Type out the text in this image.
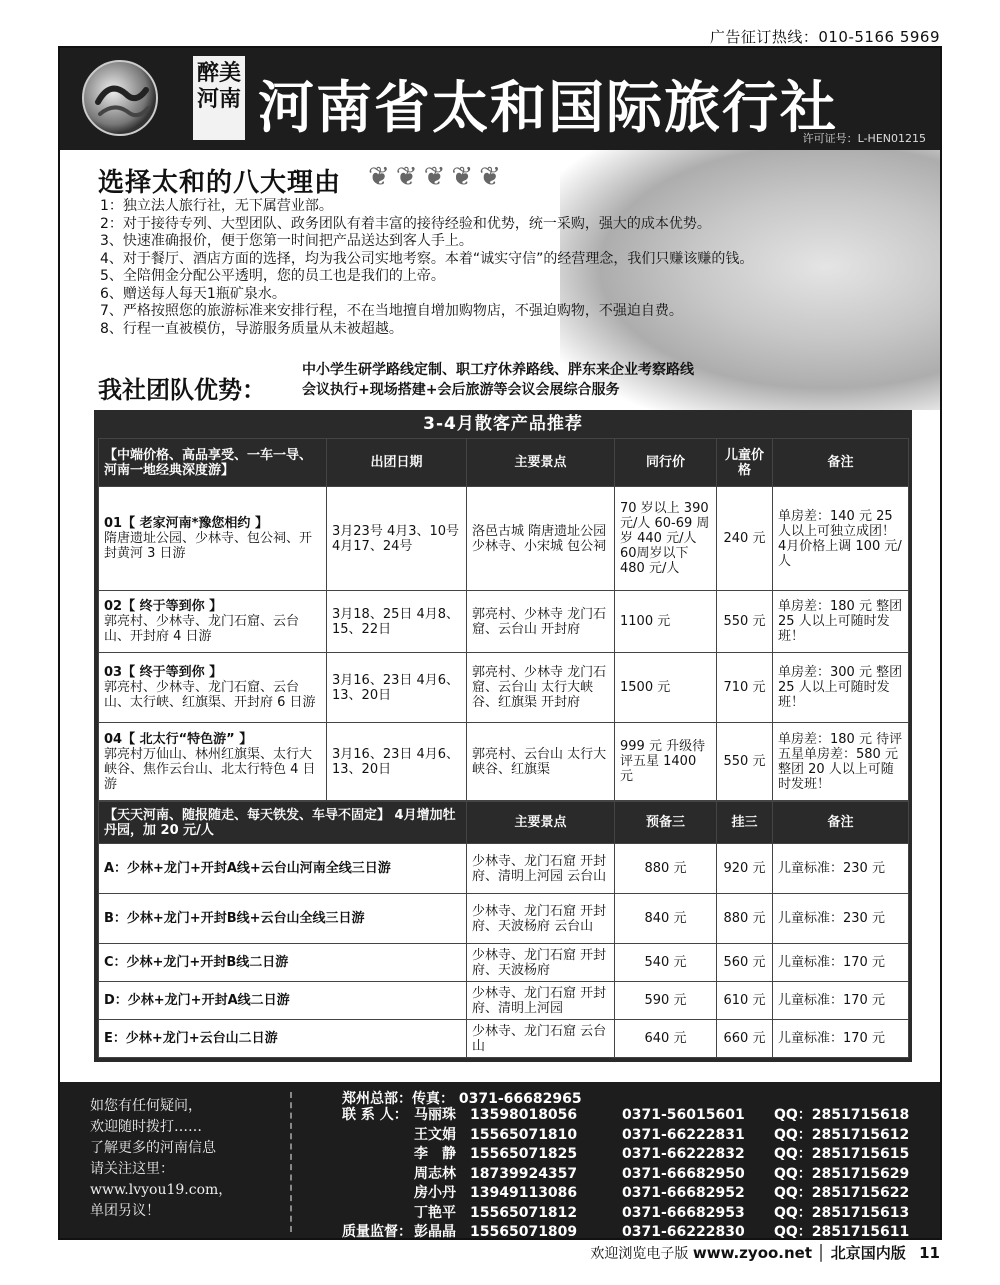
广告征订热线：010-5166 5969
醉美
河南 河南省太和国际旅行社
许可证号：L-HEN01215
选择太和的八大理由 ❦❦❦❦❦
1：独立法人旅行社，无下属营业部。
2：对于接待专列、大型团队、政务团队有着丰富的接待经验和优势，统一采购，强大的成本优势。
3、快速准确报价，便于您第一时间把产品送达到客人手上。
4、对于餐厅、酒店方面的选择，均为我公司实地考察。本着“诚实守信”的经营理念，我们只赚该赚的钱。
5、全陪佣金分配公平透明，您的员工也是我们的上帝。
6、赠送每人每天1瓶矿泉水。
7、严格按照您的旅游标准来安排行程，不在当地擅自增加购物店，不强迫购物，不强迫自费。
8、行程一直被模仿，导游服务质量从未被超越。
我社团队优势：
中小学生研学路线定制、职工疗休养路线、胖东来企业考察路线
会议执行+现场搭建+会后旅游等会议会展综合服务
3-4月散客产品推荐
【中端价格、高品享受、一车一导、河南一地经典深度游】	出团日期	主要景点	同行价	儿童价格	备注

01【 老家河南*豫您相约 】
隋唐遗址公园、少林寺、包公祠、开封黄河 3 日游	3月23号 4月3、10号 4月17、24号	洛邑古城 隋唐遗址公园 少林寺、小宋城 包公祠	70 岁以上 390 元/人 60-69 周岁 440 元/人 60周岁以下 480 元/人	240 元	单房差：140 元 25 人以上可独立成团！ 4月价格上调 100 元/人

02【 终于等到你 】
郭亮村、少林寺、龙门石窟、云台山、开封府 4 日游	3月18、25日 4月8、15、22日	郭亮村、少林寺 龙门石窟、云台山 开封府	1100 元	550 元	单房差：180 元 整团 25 人以上可随时发班！

03【 终于等到你 】
郭亮村、少林寺、龙门石窟、云台山、太行峡、红旗渠、开封府 6 日游	3月16、23日 4月6、13、20日	郭亮村、少林寺 龙门石窟、云台山 太行大峡谷、红旗渠 开封府	1500 元	710 元	单房差：300 元 整团 25 人以上可随时发班！

04【 北太行“特色游” 】
郭亮村万仙山、林州红旗渠、太行大峡谷、焦作云台山、北太行特色 4 日游	3月16、23日 4月6、13、20日	郭亮村、云台山 太行大峡谷、红旗渠	999 元 升级待评五星 1400 元	550 元	单房差：180 元 待评五星单房差：580 元 整团 20 人以上可随时发班！
【天天河南、随报随走、每天铁发、车导不固定】 4月增加牡丹园，加 20 元/人	主要景点	预备三	挂三	备注
A：少林+龙门+开封A线+云台山河南全线三日游	少林寺、龙门石窟 开封府、清明上河园 云台山	880 元	920 元	儿童标准：230 元
B：少林+龙门+开封B线+云台山全线三日游	少林寺、龙门石窟 开封府、天波杨府 云台山	840 元	880 元	儿童标准：230 元
C：少林+龙门+开封B线二日游	少林寺、龙门石窟 开封府、天波杨府	540 元	560 元	儿童标准：170 元
D：少林+龙门+开封A线二日游	少林寺、龙门石窟 开封府、清明上河园	590 元	610 元	儿童标准：170 元
E：少林+龙门+云台山二日游	少林寺、龙门石窟 云台山	640 元	660 元	儿童标准：170 元
如您有任何疑问，
欢迎随时拨打……
了解更多的河南信息
请关注这里：
www.lvyou19.com，
单团另议！
郑州总部：传真： 0371-66682965
联 系 人： 马丽珠	13598018056	0371-56015601	QQ：2851715618
王文娟	15565071810	0371-66222831	QQ：2851715612
李　静	15565071825	0371-66222832	QQ：2851715615
周志林	18739924357	0371-66682950	QQ：2851715629
房小丹	13949113086	0371-66682952	QQ：2851715622
丁艳平	15565071812	0371-66682953	QQ：2851715613
质量监督： 彭晶晶	15565071809	0371-66222830	QQ：2851715611
欢迎浏览电子版 www.zyoo.net │ 北京国内版 11
